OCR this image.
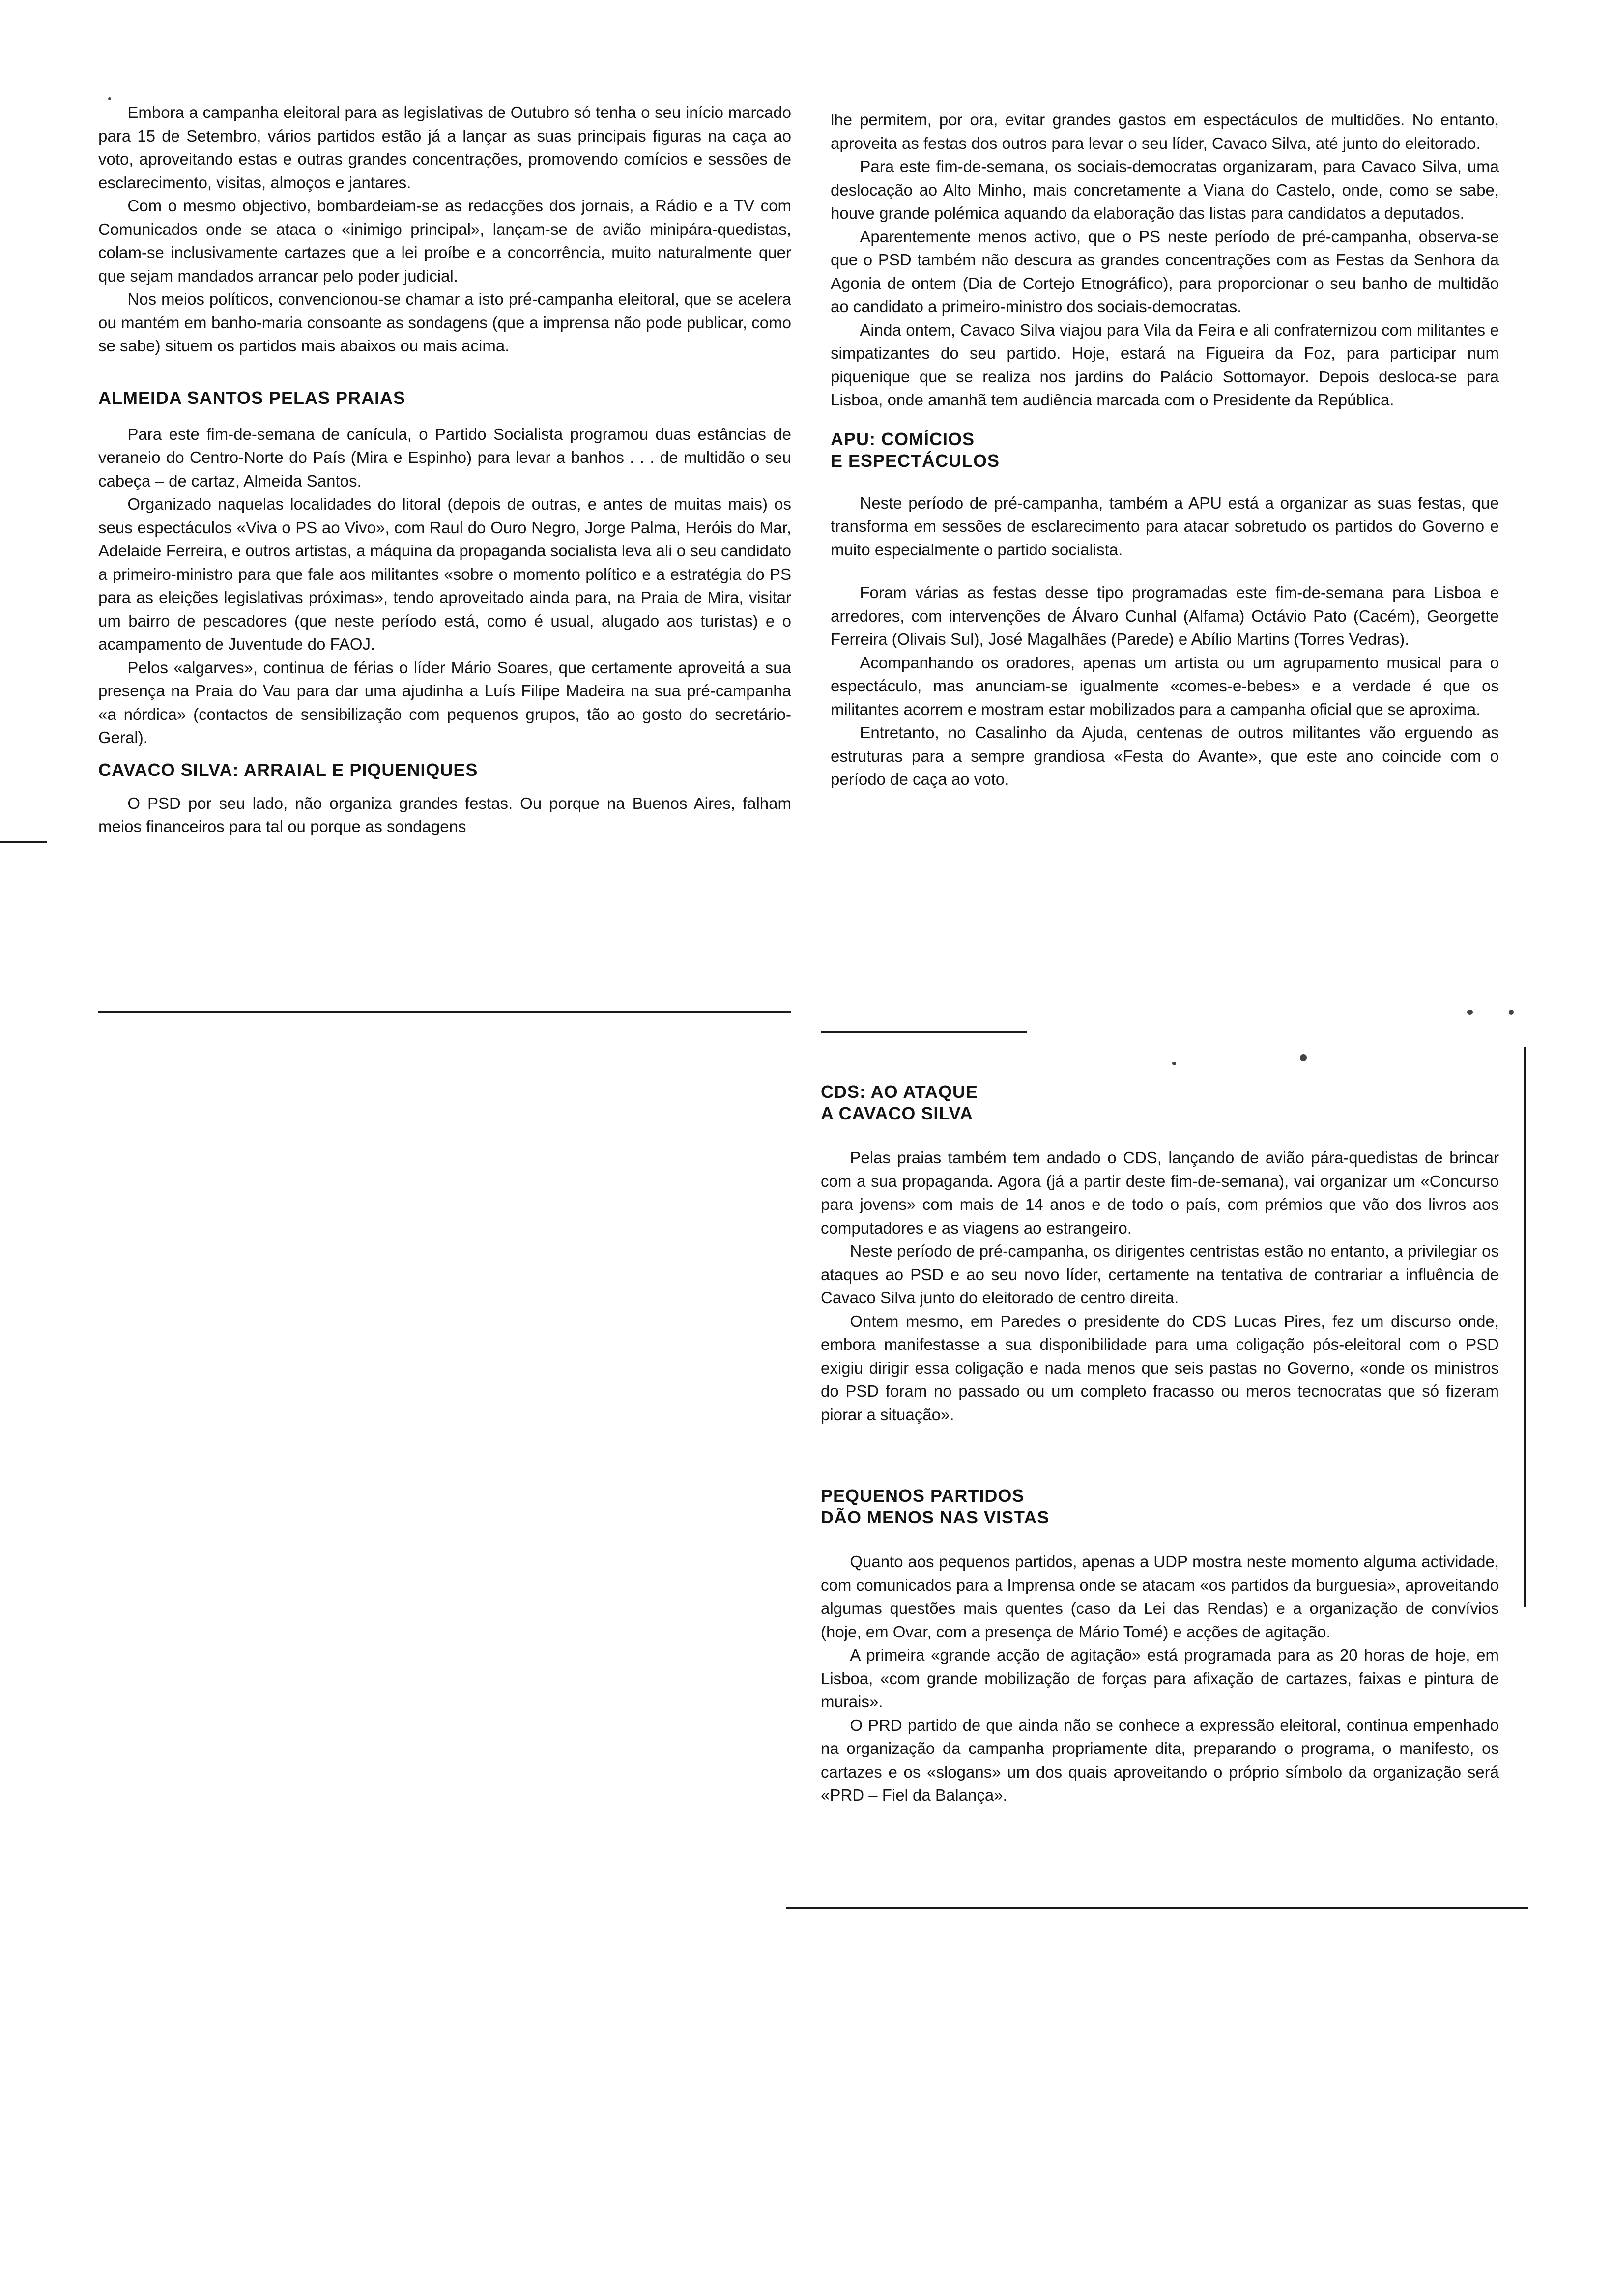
Embora a campanha eleitoral para as legislativas de Outubro só tenha o seu início marcado para 15 de Setembro, vários partidos estão já a lançar as suas principais figuras na caça ao voto, aproveitando estas e outras grandes concentrações, promovendo comícios e sessões de esclarecimento, visitas, almoços e jantares.

Com o mesmo objectivo, bombardeiam-se as redacções dos jornais, a Rádio e a TV com Comunicados onde se ataca o «inimigo principal», lançam-se de avião minipára-quedistas, colam-se inclusivamente cartazes que a lei proíbe e a concorrência, muito naturalmente quer que sejam mandados arrancar pelo poder judicial.

Nos meios políticos, convencionou-se chamar a isto pré-campanha eleitoral, que se acelera ou mantém em banho-maria consoante as sondagens (que a imprensa não pode publicar, como se sabe) situem os partidos mais abaixos ou mais acima.

ALMEIDA SANTOS PELAS PRAIAS

Para este fim-de-semana de canícula, o Partido Socialista programou duas estâncias de veraneio do Centro-Norte do País (Mira e Espinho) para levar a banhos . . . de multidão o seu cabeça – de cartaz, Almeida Santos.

Organizado naquelas localidades do litoral (depois de outras, e antes de muitas mais) os seus espectáculos «Viva o PS ao Vivo», com Raul do Ouro Negro, Jorge Palma, Heróis do Mar, Adelaide Ferreira, e outros artistas, a máquina da propaganda socialista leva ali o seu candidato a primeiro-ministro para que fale aos militantes «sobre o momento político e a estratégia do PS para as eleições legislativas próximas», tendo aproveitado ainda para, na Praia de Mira, visitar um bairro de pescadores (que neste período está, como é usual, alugado aos turistas) e o acampamento de Juventude do FAOJ.

Pelos «algarves», continua de férias o líder Mário Soares, que certamente aproveitá a sua presença na Praia do Vau para dar uma ajudinha a Luís Filipe Madeira na sua pré-campanha «a nórdica» (contactos de sensibilização com pequenos grupos, tão ao gosto do secretário-Geral).

CAVACO SILVA: ARRAIAL E PIQUENIQUES

O PSD por seu lado, não organiza grandes festas. Ou porque na Buenos Aires, falham meios financeiros para tal ou porque as sondagens

lhe permitem, por ora, evitar grandes gastos em espectáculos de multidões. No entanto, aproveita as festas dos outros para levar o seu líder, Cavaco Silva, até junto do eleitorado.

Para este fim-de-semana, os sociais-democratas organizaram, para Cavaco Silva, uma deslocação ao Alto Minho, mais concretamente a Viana do Castelo, onde, como se sabe, houve grande polémica aquando da elaboração das listas para candidatos a deputados.

Aparentemente menos activo, que o PS neste período de pré-campanha, observa-se que o PSD também não descura as grandes concentrações com as Festas da Senhora da Agonia de ontem (Dia de Cortejo Etnográfico), para proporcionar o seu banho de multidão ao candidato a primeiro-ministro dos sociais-democratas.

Ainda ontem, Cavaco Silva viajou para Vila da Feira e ali confraternizou com militantes e simpatizantes do seu partido. Hoje, estará na Figueira da Foz, para participar num piquenique que se realiza nos jardins do Palácio Sottomayor. Depois desloca-se para Lisboa, onde amanhã tem audiência marcada com o Presidente da República.

APU: COMÍCIOS
E ESPECTÁCULOS

Neste período de pré-campanha, também a APU está a organizar as suas festas, que transforma em sessões de esclarecimento para atacar sobretudo os partidos do Governo e muito especialmente o partido socialista.

Foram várias as festas desse tipo programadas este fim-de-semana para Lisboa e arredores, com intervenções de Álvaro Cunhal (Alfama) Octávio Pato (Cacém), Georgette Ferreira (Olivais Sul), José Magalhães (Parede) e Abílio Martins (Torres Vedras).

Acompanhando os oradores, apenas um artista ou um agrupamento musical para o espectáculo, mas anunciam-se igualmente «comes-e-bebes» e a verdade é que os militantes acorrem e mostram estar mobilizados para a campanha oficial que se aproxima.

Entretanto, no Casalinho da Ajuda, centenas de outros militantes vão erguendo as estruturas para a sempre grandiosa «Festa do Avante», que este ano coincide com o período de caça ao voto.

CDS: AO ATAQUE
A CAVACO SILVA

Pelas praias também tem andado o CDS, lançando de avião pára-quedistas de brincar com a sua propaganda. Agora (já a partir deste fim-de-semana), vai organizar um «Concurso para jovens» com mais de 14 anos e de todo o país, com prémios que vão dos livros aos computadores e as viagens ao estrangeiro.

Neste período de pré-campanha, os dirigentes centristas estão no entanto, a privilegiar os ataques ao PSD e ao seu novo líder, certamente na tentativa de contrariar a influência de Cavaco Silva junto do eleitorado de centro direita.

Ontem mesmo, em Paredes o presidente do CDS Lucas Pires, fez um discurso onde, embora manifestasse a sua disponibilidade para uma coligação pós-eleitoral com o PSD exigiu dirigir essa coligação e nada menos que seis pastas no Governo, «onde os ministros do PSD foram no passado ou um completo fracasso ou meros tecnocratas que só fizeram piorar a situação».

PEQUENOS PARTIDOS
DÃO MENOS NAS VISTAS

Quanto aos pequenos partidos, apenas a UDP mostra neste momento alguma actividade, com comunicados para a Imprensa onde se atacam «os partidos da burguesia», aproveitando algumas questões mais quentes (caso da Lei das Rendas) e a organização de convívios (hoje, em Ovar, com a presença de Mário Tomé) e acções de agitação.

A primeira «grande acção de agitação» está programada para as 20 horas de hoje, em Lisboa, «com grande mobilização de forças para afixação de cartazes, faixas e pintura de murais».

O PRD partido de que ainda não se conhece a expressão eleitoral, continua empenhado na organização da campanha propriamente dita, preparando o programa, o manifesto, os cartazes e os «slogans» um dos quais aproveitando o próprio símbolo da organização será «PRD – Fiel da Balança».
